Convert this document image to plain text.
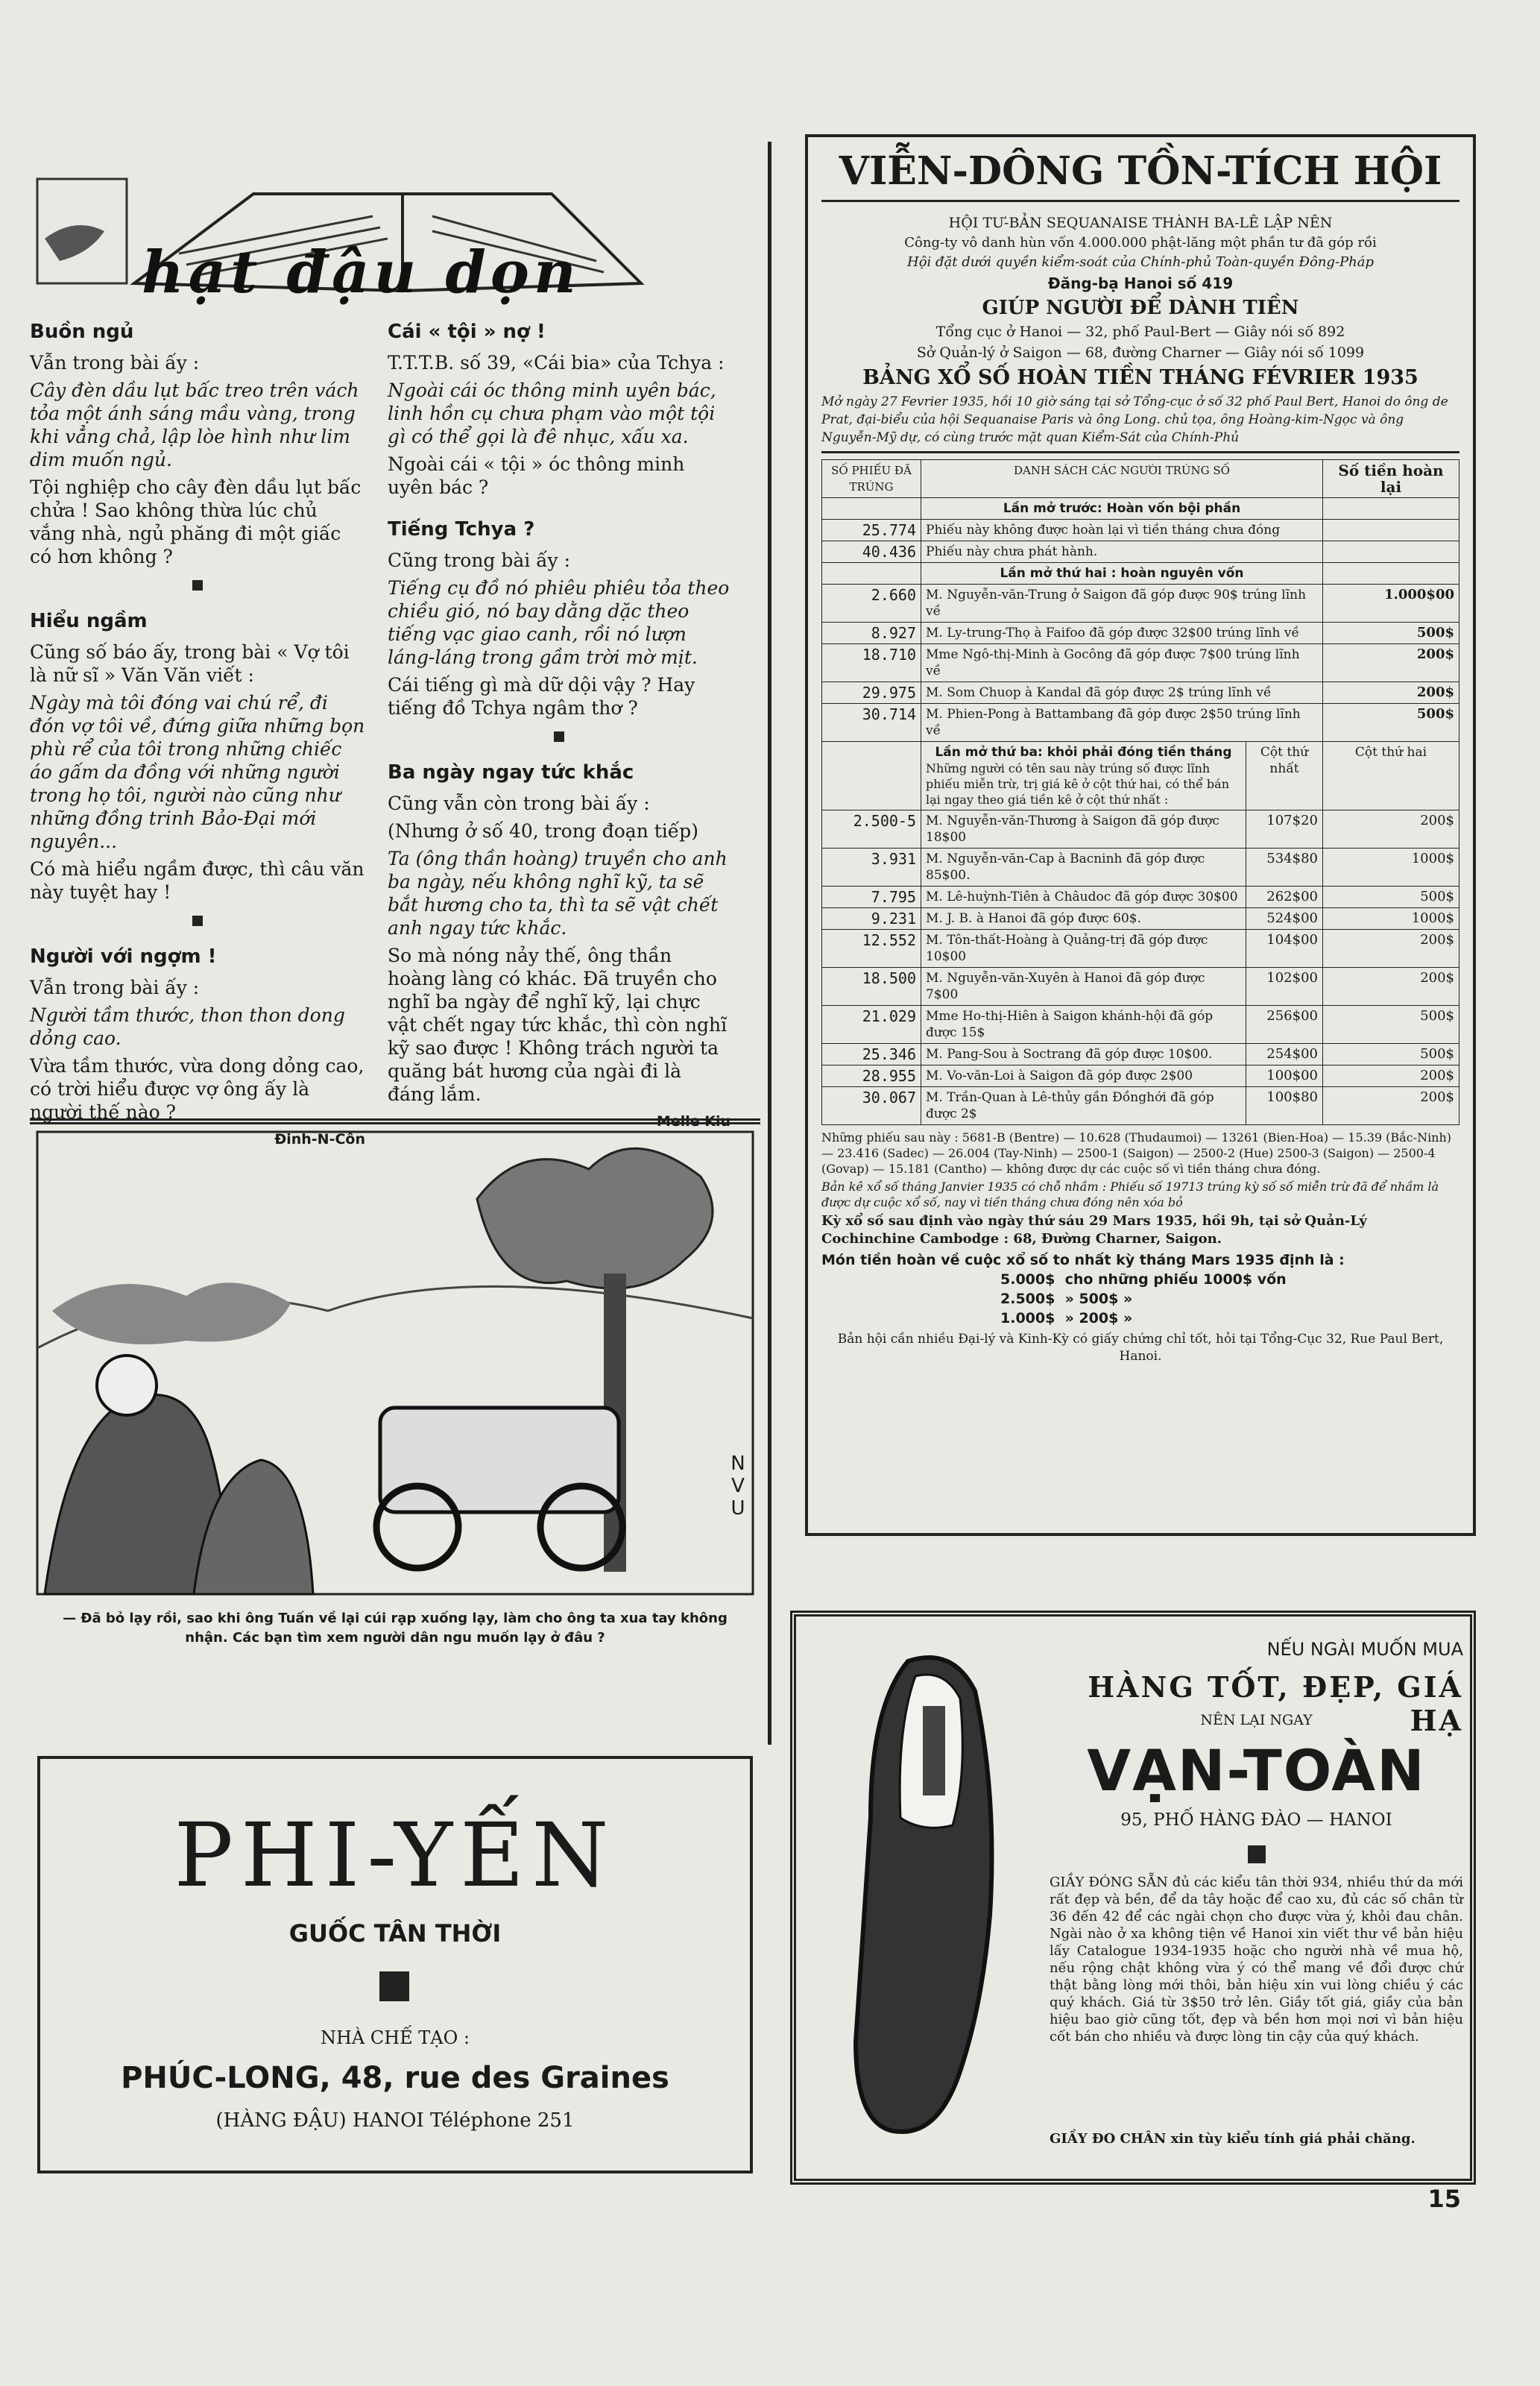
hạt đậu dọn
Buồn ngủ

Vẫn trong bài ấy :

Cây đèn dầu lụt bấc treo trên vách tỏa một ánh sáng mầu vàng, trong khi vẳng chả, lập lòe hình như lim dim muốn ngủ.

Tội nghiệp cho cây đèn dầu lụt bấc chửa ! Sao không thừa lúc chủ vắng nhà, ngủ phăng đi một giấc có hơn không ?

Hiểu ngầm

Cũng số báo ấy, trong bài « Vợ tôi là nữ sĩ » Văn Văn viết :

Ngày mà tôi đóng vai chú rể, đi đón vợ tôi về, đứng giữa những bọn phù rể của tôi trong những chiếc áo gấm da đồng với những người trong họ tôi, người nào cũng như những đồng trinh Bảo-Đại mới nguyên...

Có mà hiểu ngầm được, thì câu văn này tuyệt hay !

Người với ngợm !

Vẫn trong bài ấy :

Người tầm thước, thon thon dong dỏng cao.

Vừa tầm thước, vừa dong dỏng cao, có trời hiểu được vợ ông ấy là người thế nào ?

Đinh-N-Côn
Cái « tội » nợ !

T.T.T.B. số 39, «Cái bia» của Tchya :

Ngoài cái óc thông minh uyên bác, linh hồn cụ chưa phạm vào một tội gì có thể gọi là đê nhục, xấu xa.

Ngoài cái « tội » óc thông minh uyên bác ?

Tiếng Tchya ?

Cũng trong bài ấy :

Tiếng cụ đồ nó phiêu phiêu tỏa theo chiều gió, nó bay dằng dặc theo tiếng vạc giao canh, rồi nó lượn láng-láng trong gầm trời mờ mịt.

Cái tiếng gì mà dữ dội vậy ? Hay tiếng đồ Tchya ngâm thơ ?

Ba ngày ngay tức khắc

Cũng vẫn còn trong bài ấy :

(Nhưng ở số 40, trong đoạn tiếp)

Ta (ông thần hoàng) truyền cho anh ba ngày, nếu không nghĩ kỹ, ta sẽ bắt hương cho ta, thì ta sẽ vật chết anh ngay tức khắc.

So mà nóng nảy thế, ông thần hoàng làng có khác. Đã truyền cho nghĩ ba ngày để nghĩ kỹ, lại chực vật chết ngay tức khắc, thì còn nghĩ kỹ sao được ! Không trách người ta quăng bát hương của ngài đi là đáng lắm.

Melle Kiu
NVU
— Đã bỏ lạy rồi, sao khi ông Tuấn về lại cúi rạp xuống lạy, làm cho ông ta xua tay không nhận. Các bạn tìm xem người dân ngu muốn lạy ở đâu ?
PHI-YẾN
GUỐC TÂN THỜI
NHÀ CHẾ TẠO :
PHÚC-LONG, 48, rue des Graines
(HÀNG ĐẬU) HANOI Téléphone 251
VIỄN-DÔNG TỒN-TÍCH HỘI
HỘI TƯ-BẢN SEQUANAISE THÀNH BA-LÊ LẬP NÊN
Công-ty vô danh hùn vốn 4.000.000 phật-lăng một phần tư đã góp rồi
Hội đặt dưới quyền kiểm-soát của Chính-phủ Toàn-quyền Đông-Pháp
Đăng-bạ Hanoi số 419
GIÚP NGƯỜI ĐỂ DÀNH TIỀN
Tổng cục ở Hanoi — 32, phố Paul-Bert — Giây nói số 892
Sở Quản-lý ở Saigon — 68, đường Charner — Giây nói số 1099
BẢNG XỔ SỐ HOÀN TIỀN THÁNG FÉVRIER 1935
Mở ngày 27 Fevrier 1935, hồi 10 giờ sáng tại sở Tổng-cục ở số 32 phố Paul Bert, Hanoi do ông de Prat, đại-biểu của hội Sequanaise Paris và ông Long. chủ tọa, ông Hoàng-kim-Ngọc và ông Nguyễn-Mỹ dự, có cùng trước mặt quan Kiểm-Sát của Chính-Phủ
SỐ PHIẾU ĐÃ TRÚNG	DANH SÁCH CÁC NGƯỜI TRÚNG SỐ		Số tiền hoàn lại
	Lần mở trước: Hoàn vốn bội phần		
25.774	Phiếu này không được hoàn lại vì tiền tháng chưa đóng		
40.436	Phiếu này chưa phát hành.		
	Lần mở thứ hai : hoàn nguyên vốn		
2.660	M. Nguyễn-văn-Trung ở Saigon đã góp được 90$ trúng lĩnh về		1.000$00
8.927	M. Ly-trung-Thọ à Faifoo đã góp được 32$00 trúng lĩnh về		500$
18.710	Mme Ngô-thị-Minh à Gocông đã góp được 7$00 trúng lĩnh về		200$
29.975	M. Som Chuop à Kandal đã góp được 2$ trúng lĩnh về		200$
30.714	M. Phien-Pong à Battambang đã góp được 2$50 trúng lĩnh về		500$

	Lần mở thứ ba: khỏi phải đóng tiền tháng
Những người có tên sau này trúng số được lĩnh phiếu miễn trừ, trị giá kê ở cột thứ hai, có thể bán lại ngay theo giá tiền kê ở cột thứ nhất :	Cột thứ nhất	Cột thứ hai
2.500-5	M. Nguyễn-văn-Thương à Saigon đã góp được 18$00	107$20	200$
3.931	M. Nguyễn-văn-Cap à Bacninh đã góp được 85$00.	534$80	1000$
7.795	M. Lê-huỳnh-Tiên à Châudoc đã góp được 30$00	262$00	500$
9.231	M. J. B. à Hanoi đã góp được 60$.	524$00	1000$
12.552	M. Tôn-thất-Hoàng à Quảng-trị đã góp được 10$00	104$00	200$
18.500	M. Nguyễn-văn-Xuyên à Hanoi đã góp được 7$00	102$00	200$
21.029	Mme Ho-thị-Hiên à Saigon khánh-hội đã góp được 15$	256$00	500$
25.346	M. Pang-Sou à Soctrang đã góp được 10$00.	254$00	500$
28.955	M. Vo-văn-Loi à Saigon đã góp được 2$00	100$00	200$
30.067	M. Trần-Quan à Lê-thủy gần Đồnghới đã góp được 2$	100$80	200$
Những phiếu sau này : 5681-B (Bentre) — 10.628 (Thudaumoi) — 13261 (Bien-Hoa) — 15.39 (Bắc-Ninh) — 23.416 (Sadec) — 26.004 (Tay-Ninh) — 2500-1 (Saigon) — 2500-2 (Hue) 2500-3 (Saigon) — 2500-4 (Govap) — 15.181 (Cantho) — không được dự các cuộc số vì tiền tháng chưa đóng.
Bản kê xổ số tháng Janvier 1935 có chỗ nhầm : Phiếu số 19713 trúng kỳ số số miễn trừ đã để nhầm là được dự cuộc xổ số, nay vì tiền tháng chưa đóng nên xóa bỏ
Kỳ xổ số sau định vào ngày thứ sáu 29 Mars 1935, hồi 9h, tại sở Quản-Lý Cochinchine Cambodge : 68, Đường Charner, Saigon.
Món tiền hoàn về cuộc xổ số to nhất kỳ tháng Mars 1935 định là :
5.000$ cho những phiếu 1000$ vốn
2.500$ » 500$ »
1.000$ » 200$ »
Bản hội cần nhiều Đại-lý và Kinh-Kỳ có giấy chứng chỉ tốt, hỏi tại Tổng-Cục 32, Rue Paul Bert, Hanoi.
NẾU NGÀI MUỐN MUA
HÀNG TỐT, ĐẸP, GIÁ HẠ
NÊN LẠI NGAY
VẠN-TOÀN
95, PHỐ HÀNG ĐÀO — HANOI
GIẦY ĐÓNG SẴN đủ các kiểu tân thời 934, nhiều thứ da mới rất đẹp và bền, để da tây hoặc để cao xu, đủ các số chân từ 36 đến 42 để các ngài chọn cho được vừa ý, khỏi đau chân. Ngài nào ở xa không tiện về Hanoi xin viết thư về bản hiệu lấy Catalogue 1934-1935 hoặc cho người nhà về mua hộ, nếu rộng chật không vừa ý có thể mang về đổi được chứ thật bằng lòng mới thôi, bản hiệu xin vui lòng chiều ý các quý khách. Giá từ 3$50 trở lên. Giầy tốt giá, giầy của bản hiệu bao giờ cũng tốt, đẹp và bền hơn mọi nơi vì bản hiệu cốt bán cho nhiều và được lòng tin cậy của quý khách.
GIẦY ĐO CHÂN xin tùy kiểu tính giá phải chăng.
15
